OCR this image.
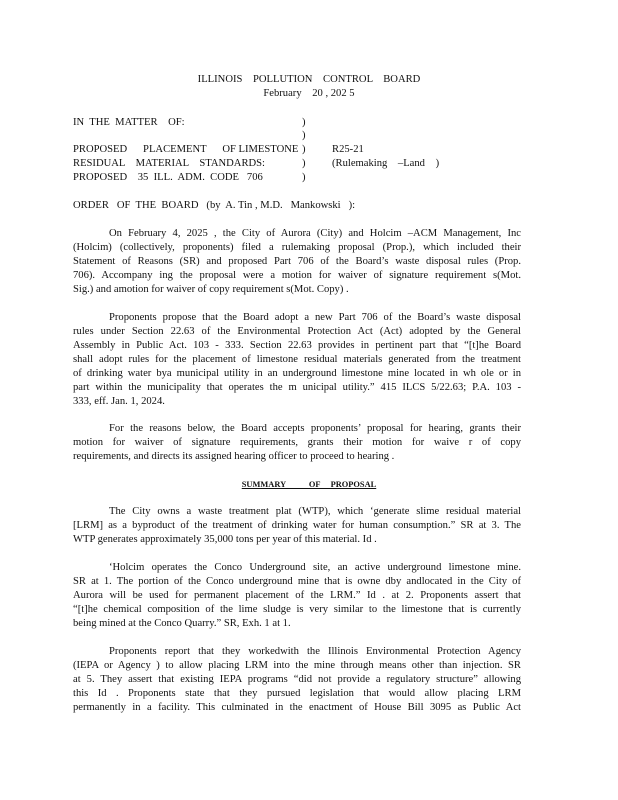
ILLINOIS    POLLUTION    CONTROL    BOARD
February    20 , 202 5
IN  THE  MATTER    OF:
PROPOSED      PLACEMENT      OF LIMESTONE
RESIDUAL    MATERIAL    STANDARDS:
PROPOSED    35  ILL.  ADM.  CODE   706
)
)
)
)
)
R25-21
(Rulemaking    –Land    )
ORDER   OF  THE  BOARD   (by  A. Tin , M.D.   Mankowski   ):
On February 4, 2025 , the City of Aurora (City) and Holcim –ACM Management, Inc
(Holcim) (collectively, proponents) filed a rulemaking proposal (Prop.), which included their
Statement of Reasons (SR) and proposed Part 706 of the Board’s waste disposal rules (Prop.
706). Accompany ing the proposal were a motion for waiver of signature requirement s(Mot.
Sig.) and amotion for waiver of copy requirement s(Mot. Copy) .
Proponents propose that the Board adopt a new Part 706 of the Board’s waste disposal
rules under Section 22.63 of the Environmental Protection Act (Act) adopted by the General
Assembly in Public Act. 103 - 333. Section 22.63 provides in pertinent part that “[t]he Board
shall adopt rules for the placement of limestone residual materials generated from the treatment
of drinking water bya municipal utility in an underground limestone mine located in wh ole or in
part within the municipality that operates the m unicipal utility.” 415 ILCS 5/22.63; P.A. 103 -
333, eff. Jan. 1, 2024.
For the reasons below, the Board accepts proponents’ proposal for hearing, grants their
motion for waiver of signature requirements, grants their motion for waive r of copy
requirements, and directs its assigned hearing officer to proceed to hearing .
SUMMARY           OF     PROPOSAL
The City owns a waste treatment plat (WTP), which ‘generate slime residual material
[LRM] as a byproduct of the treatment of drinking water for human consumption.” SR at 3. The
WTP generates approximately 35,000 tons per year of this material. Id .
‘Holcim operates the Conco Underground site, an active underground limestone mine.
SR at 1. The portion of the Conco underground mine that is owne dby andlocated in the City of
Aurora will be used for permanent placement of the LRM.” Id . at 2. Proponents assert that
“[t]he chemical composition of the lime sludge is very similar to the limestone that is currently
being mined at the Conco Quarry.” SR, Exh. 1 at 1.
Proponents report that they workedwith the Illinois Environmental Protection Agency
(IEPA or Agency ) to allow placing LRM into the mine through means other than injection. SR
at 5. They assert that existing IEPA programs “did not provide a regulatory structure” allowing
this Id . Proponents state that they pursued legislation that would allow placing LRM
permanently in a facility. This culminated in the enactment of House Bill 3095 as Public Act
